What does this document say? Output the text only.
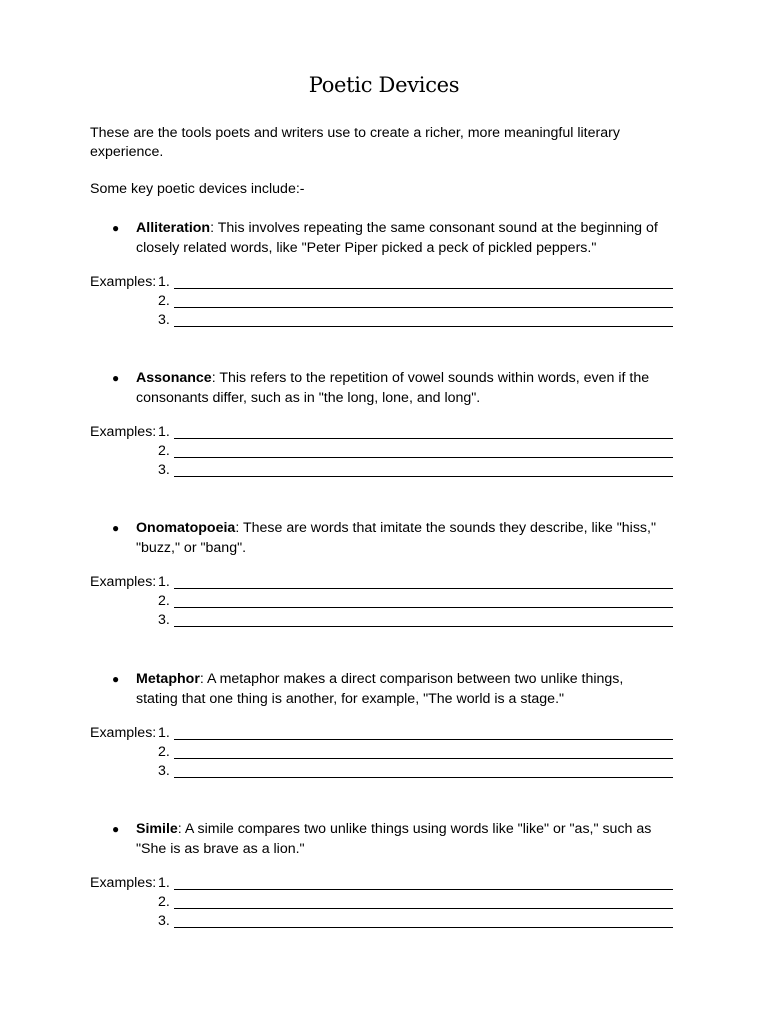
Poetic Devices
These are the tools poets and writers use to create a richer, more meaningful literary experience.
Some key poetic devices include:-
● Alliteration: This involves repeating the same consonant sound at the beginning of closely related words, like "Peter Piper picked a peck of pickled peppers."
Examples: 1.
2.
3.
● Assonance: This refers to the repetition of vowel sounds within words, even if the consonants differ, such as in "the long, lone, and long".
Examples: 1.
2.
3.
● Onomatopoeia: These are words that imitate the sounds they describe, like "hiss," "buzz," or "bang".
Examples: 1.
2.
3.
● Metaphor: A metaphor makes a direct comparison between two unlike things, stating that one thing is another, for example, "The world is a stage."
Examples: 1.
2.
3.
● Simile: A simile compares two unlike things using words like "like" or "as," such as "She is as brave as a lion."
Examples: 1.
2.
3.
